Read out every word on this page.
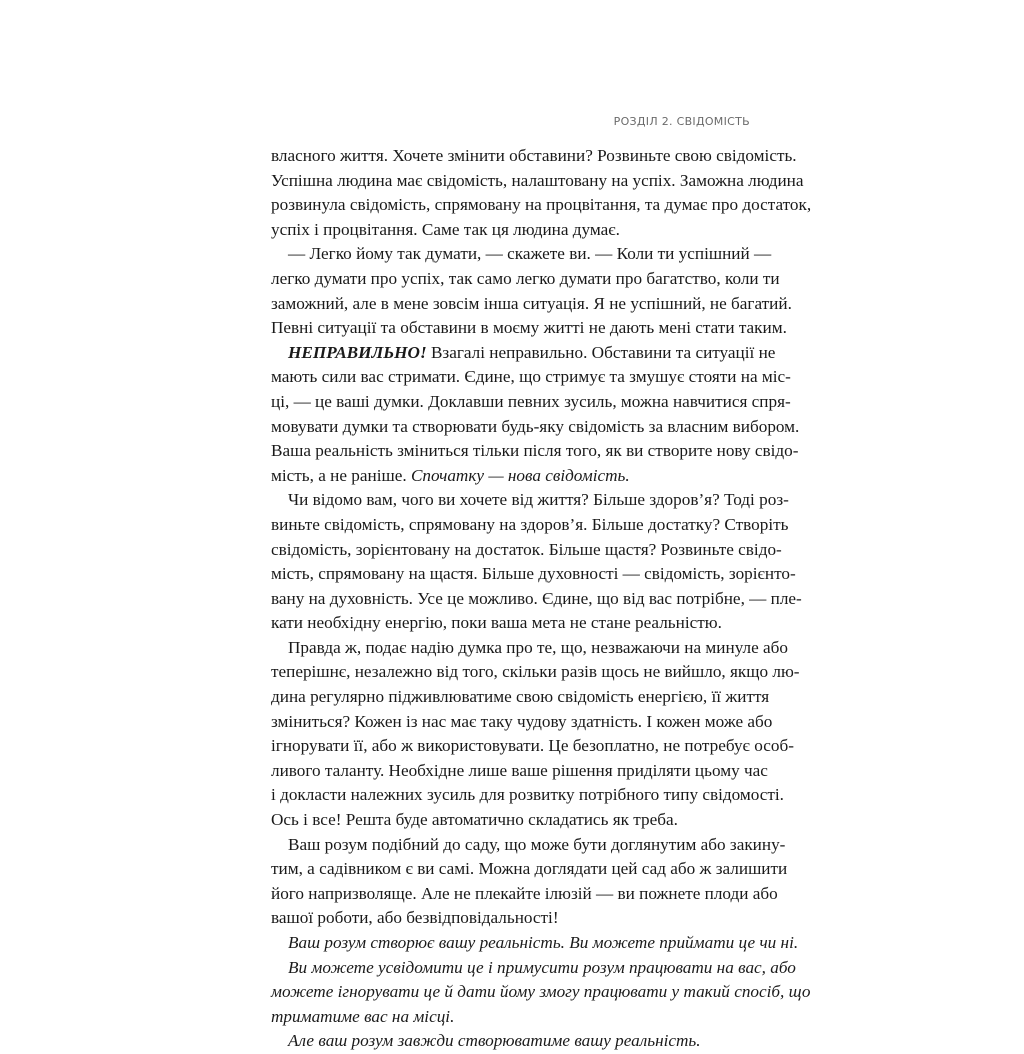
РОЗДІЛ 2. СВІДОМІСТЬ
власного життя. Хочете змінити обставини? Розвиньте свою свідомість.
Успішна людина має свідомість, налаштовану на успіх. Заможна людина
розвинула свідомість, спрямовану на процвітання, та думає про достаток,
успіх і процвітання. Саме так ця людина думає.
— Легко йому так думати, — скажете ви. — Коли ти успішний —
легко думати про успіх, так само легко думати про багатство, коли ти
заможний, але в мене зовсім інша ситуація. Я не успішний, не багатий.
Певні ситуації та обставини в моєму житті не дають мені стати таким.
НЕПРАВИЛЬНО! Взагалі неправильно. Обставини та ситуації не
мають сили вас стримати. Єдине, що стримує та змушує стояти на міс-
ці, — це ваші думки. Доклавши певних зусиль, можна навчитися спря-
мовувати думки та створювати будь-яку свідомість за власним вибором.
Ваша реальність зміниться тільки після того, як ви створите нову свідо-
мість, а не раніше. Спочатку — нова свідомість.
Чи відомо вам, чого ви хочете від життя? Більше здоров’я? Тоді роз-
виньте свідомість, спрямовану на здоров’я. Більше достатку? Створіть
свідомість, зорієнтовану на достаток. Більше щастя? Розвиньте свідо-
мість, спрямовану на щастя. Більше духовності — свідомість, зорієнто-
вану на духовність. Усе це можливо. Єдине, що від вас потрібне, — пле-
кати необхідну енергію, поки ваша мета не стане реальністю.
Правда ж, подає надію думка про те, що, незважаючи на минуле або
теперішнє, незалежно від того, скільки разів щось не вийшло, якщо лю-
дина регулярно підживлюватиме свою свідомість енергією, її життя
зміниться? Кожен із нас має таку чудову здатність. І кожен може або
ігнорувати її, або ж використовувати. Це безоплатно, не потребує особ-
ливого таланту. Необхідне лише ваше рішення приділяти цьому час
і докласти належних зусиль для розвитку потрібного типу свідомості.
Ось і все! Решта буде автоматично складатись як треба.
Ваш розум подібний до саду, що може бути доглянутим або закину-
тим, а садівником є ви самі. Можна доглядати цей сад або ж залишити
його напризволяще. Але не плекайте ілюзій — ви пожнете плоди або
вашої роботи, або безвідповідальності!
Ваш розум створює вашу реальність. Ви можете приймати це чи ні.
Ви можете усвідомити це і примусити розум працювати на вас, або
можете ігнорувати це й дати йому змогу працювати у такий спосіб, що
триматиме вас на місці.
Але ваш розум завжди створюватиме вашу реальність.
